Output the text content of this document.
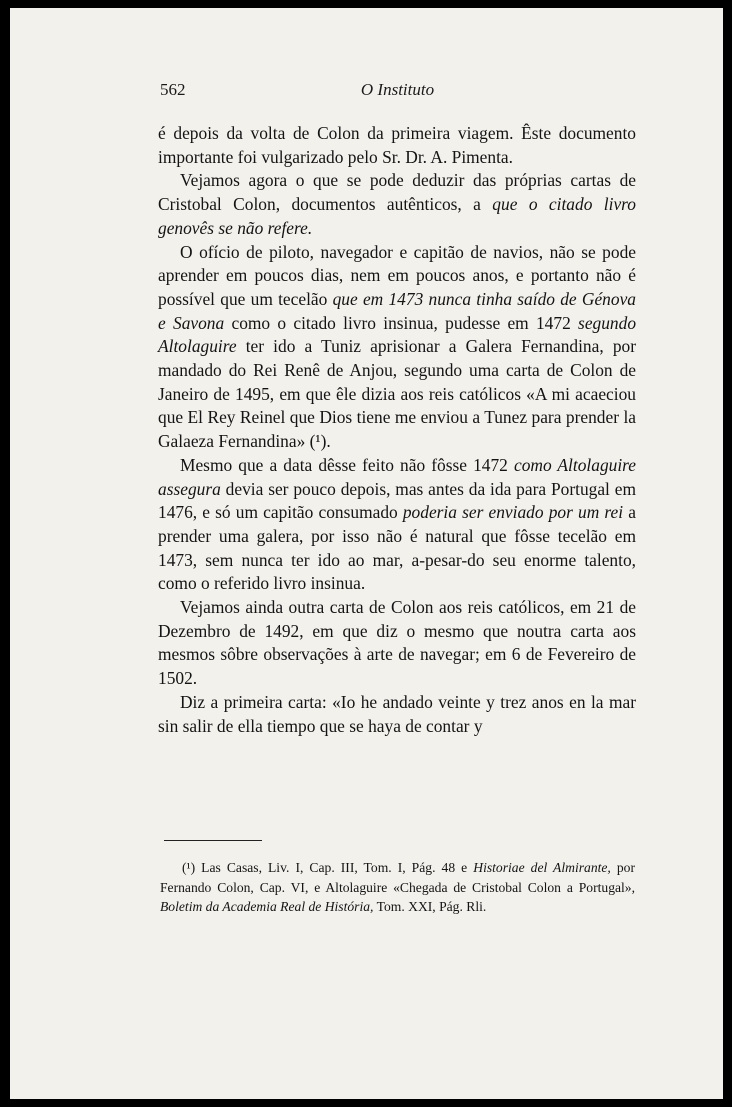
562	O Instituto

é depois da volta de Colon da primeira viagem. Êste documento importante foi vulgarizado pelo Sr. Dr. A. Pimenta.

Vejamos agora o que se pode deduzir das próprias cartas de Cristobal Colon, documentos autênticos, a que o citado livro genovês se não refere.

O ofício de piloto, navegador e capitão de navios, não se pode aprender em poucos dias, nem em poucos anos, e portanto não é possível que um tecelão que em 1473 nunca tinha saído de Génova e Savona como o citado livro insinua, pudesse em 1472 segundo Altolaguire ter ido a Tuniz aprisionar a Galera Fernandina, por mandado do Rei Renê de Anjou, segundo uma carta de Colon de Janeiro de 1495, em que êle dizia aos reis católicos «A mi acaeciou que El Rey Reinel que Dios tiene me enviou a Tunez para prender la Galaeza Fernandina» (¹).

Mesmo que a data dêsse feito não fôsse 1472 como Altolaguire assegura devia ser pouco depois, mas antes da ida para Portugal em 1476, e só um capitão consumado poderia ser enviado por um rei a prender uma galera, por isso não é natural que fôsse tecelão em 1473, sem nunca ter ido ao mar, a-pesar-do seu enorme talento, como o referido livro insinua.

Vejamos ainda outra carta de Colon aos reis católicos, em 21 de Dezembro de 1492, em que diz o mesmo que noutra carta aos mesmos sôbre observações à arte de navegar; em 6 de Fevereiro de 1502.

Diz a primeira carta: «Io he andado veinte y trez anos en la mar sin salir de ella tiempo que se haya de contar y

(¹) Las Casas, Liv. I, Cap. III, Tom. I, Pág. 48 e Historiae del Almirante, por Fernando Colon, Cap. VI, e Altolaguire «Chegada de Cristobal Colon a Portugal», Boletim da Academia Real de História, Tom. XXI, Pág. Rli.
